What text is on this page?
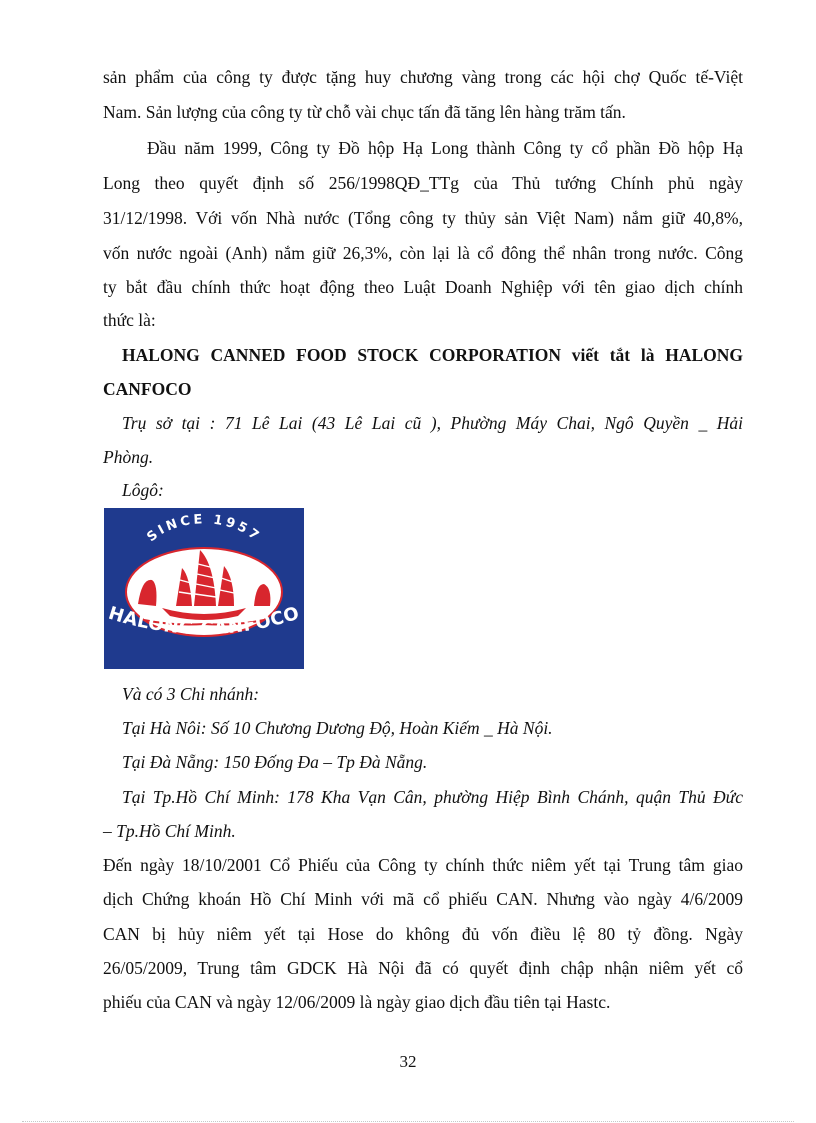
sản phẩm của công ty được tặng huy chương vàng trong các hội chợ Quốc tế-Việt
Nam. Sản lượng của công ty từ chỗ vài chục tấn đã tăng lên hàng trăm tấn.
Đầu năm 1999, Công ty Đồ hộp Hạ Long thành Công ty cổ phần Đồ hộp Hạ
Long theo quyết định số 256/1998QĐ_TTg của Thủ tướng Chính phủ ngày
31/12/1998. Với vốn Nhà nước (Tổng công ty thủy sản Việt Nam) nắm giữ 40,8%,
vốn nước ngoài (Anh) nắm giữ 26,3%, còn lại là cổ đông thể nhân trong nước. Công
ty bắt đầu chính thức hoạt động theo Luật Doanh Nghiệp với tên giao dịch chính
thức là:
HALONG CANNED FOOD STOCK CORPORATION viết tắt là HALONG
CANFOCO
Trụ sở tại : 71 Lê Lai (43 Lê Lai cũ ), Phường Máy Chai, Ngô Quyền _ Hải
Phòng.
Lôgô:
SINCE 1957
HALONG CANFOCO
Và có 3 Chi nhánh:
Tại Hà Nôi: Số 10 Chương Dương Độ, Hoàn Kiếm _ Hà Nội.
Tại Đà Nẵng: 150 Đống Đa – Tp Đà Nẵng.
Tại Tp.Hồ Chí Minh: 178 Kha Vạn Cân, phường Hiệp Bình Chánh, quận Thủ Đức
– Tp.Hồ Chí Minh.
Đến ngày 18/10/2001 Cổ Phiếu của Công ty chính thức niêm yết tại Trung tâm giao
dịch Chứng khoán Hồ Chí Minh với mã cổ phiếu CAN. Nhưng vào ngày 4/6/2009
CAN bị hủy niêm yết tại Hose do không đủ vốn điều lệ 80 tỷ đồng. Ngày
26/05/2009, Trung tâm GDCK Hà Nội đã có quyết định chập nhận niêm yết cổ
phiếu của CAN và ngày 12/06/2009 là ngày giao dịch đầu tiên tại Hastc.
32
